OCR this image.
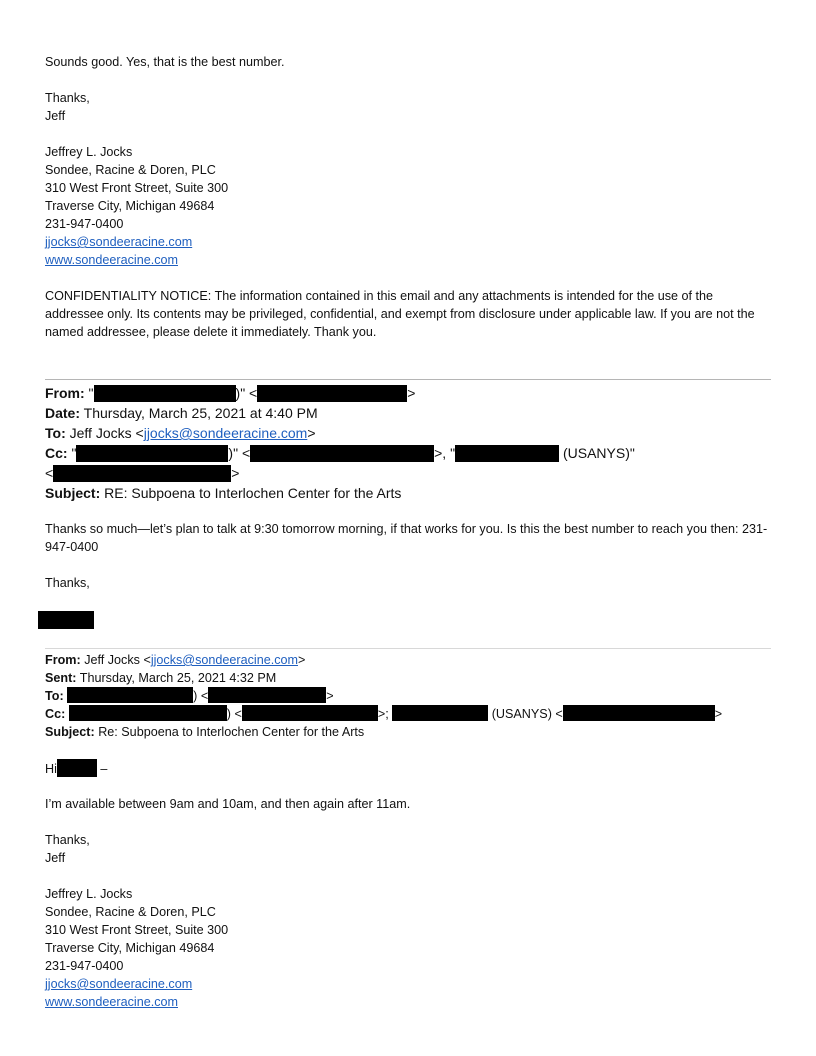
Sounds good. Yes, that is the best number.
Thanks,
Jeff
Jeffrey L. Jocks
Sondee, Racine & Doren, PLC
310 West Front Street, Suite 300
Traverse City, Michigan 49684
231-947-0400
jjocks@sondeeracine.com
www.sondeeracine.com
CONFIDENTIALITY NOTICE: The information contained in this email and any attachments is intended for the use of the addressee only. Its contents may be privileged, confidential, and exempt from disclosure under applicable law. If you are not the named addressee, please delete it immediately. Thank you.
From: "	)" <	>
Date: Thursday, March 25, 2021 at 4:40 PM
To: Jeff Jocks <jjocks@sondeeracine.com>
Cc: "	)" <	>, "	(USANYS)"
<	>
Subject: RE: Subpoena to Interlochen Center for the Arts
Thanks so much—let’s plan to talk at 9:30 tomorrow morning, if that works for you. Is this the best number to reach you then: 231-947-0400
Thanks,
From: Jeff Jocks <jjocks@sondeeracine.com>
Sent: Thursday, March 25, 2021 4:32 PM
To:	) <	>
Cc:	) <	>;	(USANYS) <	>
Subject: Re: Subpoena to Interlochen Center for the Arts
Hi	–
I’m available between 9am and 10am, and then again after 11am.
Thanks,
Jeff
Jeffrey L. Jocks
Sondee, Racine & Doren, PLC
310 West Front Street, Suite 300
Traverse City, Michigan 49684
231-947-0400
jjocks@sondeeracine.com
www.sondeeracine.com
